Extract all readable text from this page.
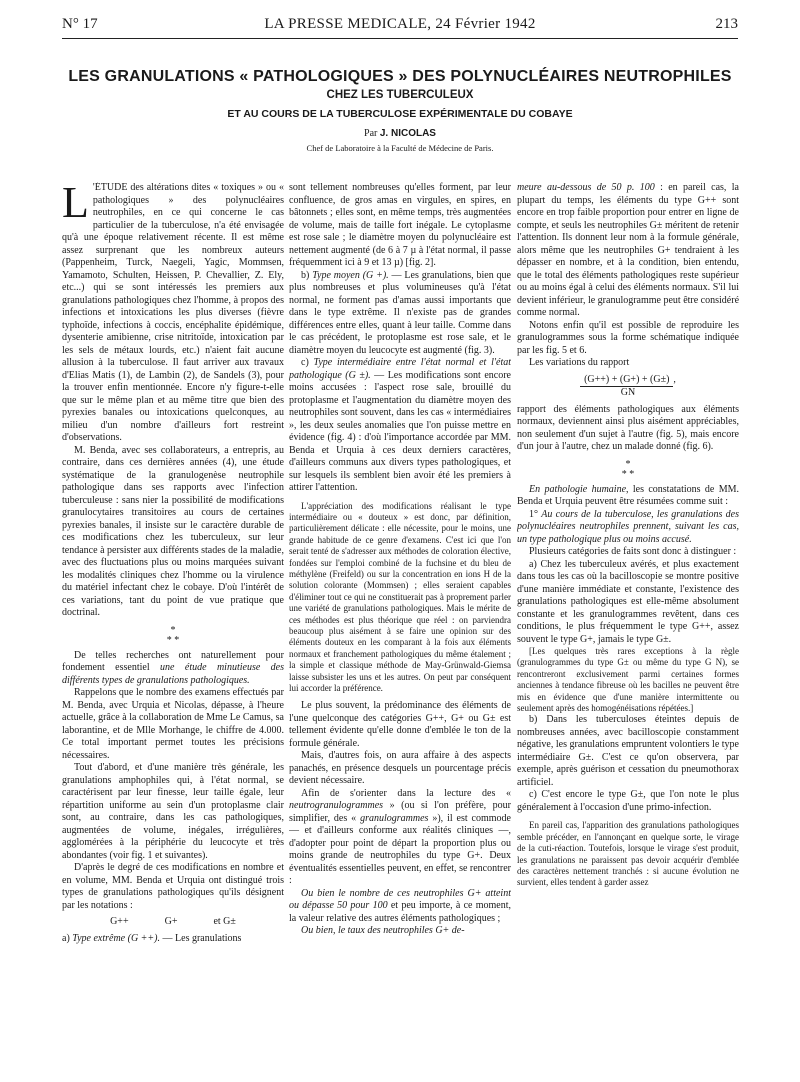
N° 17	LA PRESSE MEDICALE, 24 Février 1942	213
LES GRANULATIONS « PATHOLOGIQUES » DES POLYNUCLÉAIRES NEUTROPHILES
CHEZ LES TUBERCULEUX
ET AU COURS DE LA TUBERCULOSE EXPÉRIMENTALE DU COBAYE
Par J. NICOLAS
Chef de Laboratoire à la Faculté de Médecine de Paris.

L 'ÉTUDE des altérations dites « toxiques » ou « pathologiques » des polynucléaires neutrophiles, en ce qui concerne le cas particulier de la tuberculose, n'a été envisagée qu'à une époque relativement récente. Il est même assez surprenant que les nombreux auteurs (Pappenheim, Turck, Naegeli, Yagic, Mommsen, Yamamoto, Schulten, Heissen, P. Chevallier, Z. Ely, etc...) qui se sont intéressés les premiers aux granulations pathologiques chez l'homme, à propos des infections et intoxications les plus diverses (fièvre typhoïde, infections à coccis, encéphalite épidémique, dysenterie amibienne, crise nitritoïde, intoxication par les sels de métaux lourds, etc.) n'aient fait aucune allusion à la tuberculose. Il faut arriver aux travaux d'Elias Matis (1), de Lambin (2), de Sandels (3), pour la trouver enfin mentionnée. Encore n'y figure-t-elle que sur le même plan et au même titre que bien des pyrexies banales ou intoxications quelconques, au milieu d'un nombre d'ailleurs fort restreint d'observations.

M. Benda, avec ses collaborateurs, a entrepris, au contraire, dans ces dernières années (4), une étude systématique de la granulogenèse neutrophile pathologique dans ses rapports avec l'infection tuberculeuse : sans nier la possibilité de modifications granulocytaires transitoires au cours de certaines pyrexies banales, il insiste sur le caractère durable de ces modifications chez les tuberculeux, sur leur tendance à persister aux différents stades de la maladie, avec des fluctuations plus ou moins marquées suivant les modalités cliniques chez l'homme ou la virulence du matériel infectant chez le cobaye. D'où l'intérêt de ces variations, tant du point de vue pratique que doctrinal.

*
* *

De telles recherches ont naturellement pour fondement essentiel une étude minutieuse des différents types de granulations pathologiques.

Rappelons que le nombre des examens effectués par M. Benda, avec Urquia et Nicolas, dépasse, à l'heure actuelle, grâce à la collaboration de Mme Le Camus, sa laborantine, et de Mlle Morhange, le chiffre de 4.000. Ce total important permet toutes les précisions nécessaires.

Tout d'abord, et d'une manière très générale, les granulations amphophiles qui, à l'état normal, se caractérisent par leur finesse, leur taille égale, leur répartition uniforme au sein d'un protoplasme clair sont, au contraire, dans les cas pathologiques, augmentées de volume, inégales, irrégulières, agglomérées à la périphérie du leucocyte et très abondantes (voir fig. 1 et suivantes).

D'après le degré de ces modifications en nombre et en volume, MM. Benda et Urquia ont distingué trois types de granulations pathologiques qu'ils désignent par les notations :

G++	G+	et G±

a) Type extrême (G ++). — Les granulations

sont tellement nombreuses qu'elles forment, par leur confluence, de gros amas en virgules, en spires, en bâtonnets ; elles sont, en même temps, très augmentées de volume, mais de taille fort inégale. Le cytoplasme est rose sale ; le diamètre moyen du polynucléaire est nettement augmenté (de 6 à 7 µ à l'état normal, il passe fréquemment ici à 9 et 13 µ) [fig. 2].

b) Type moyen (G +). — Les granulations, bien que plus nombreuses et plus volumineuses qu'à l'état normal, ne forment pas d'amas aussi importants que dans le type extrême. Il n'existe pas de grandes différences entre elles, quant à leur taille. Comme dans le cas précédent, le protoplasme est rose sale, et le diamètre moyen du leucocyte est augmenté (fig. 3).

c) Type intermédiaire entre l'état normal et l'état pathologique (G ±). — Les modifications sont encore moins accusées : l'aspect rose sale, brouillé du protoplasme et l'augmentation du diamètre moyen des neutrophiles sont souvent, dans les cas « intermédiaires », les deux seules anomalies que l'on puisse mettre en évidence (fig. 4) : d'où l'importance accordée par MM. Benda et Urquia à ces deux derniers caractères, d'ailleurs communs aux divers types pathologiques, et sur lesquels ils semblent bien avoir été les premiers à attirer l'attention.

L'appréciation des modifications réalisant le type intermédiaire ou « douteux » est donc, par définition, particulièrement délicate : elle nécessite, pour le moins, une grande habitude de ce genre d'examens. C'est ici que l'on serait tenté de s'adresser aux méthodes de coloration élective, fondées sur l'emploi combiné de la fuchsine et du bleu de méthylène (Freifeld) ou sur la concentration en ions H de la solution colorante (Mommsen) ; elles seraient capables d'éliminer tout ce qui ne constituerait pas à proprement parler une variété de granulations pathologiques. Mais le mérite de ces méthodes est plus théorique que réel : on parviendra beaucoup plus aisément à se faire une opinion sur des éléments douteux en les comparant à la fois aux éléments normaux et franchement pathologiques du même étalement ; la simple et classique méthode de May-Grünwald-Giemsa laisse subsister les uns et les autres. On peut par conséquent lui accorder la préférence.

Le plus souvent, la prédominance des éléments de l'une quelconque des catégories G++, G+ ou G± est tellement évidente qu'elle donne d'emblée le ton de la formule générale.

Mais, d'autres fois, on aura affaire à des aspects panachés, en présence desquels un pourcentage précis devient nécessaire.

Afin de s'orienter dans la lecture des « neutrogranulogrammes » (ou si l'on préfère, pour simplifier, des « granulogrammes »), il est commode — et d'ailleurs conforme aux réalités cliniques —, d'adopter pour point de départ la proportion plus ou moins grande de neutrophiles du type G+. Deux éventualités essentielles peuvent, en effet, se rencontrer :

Ou bien le nombre de ces neutrophiles G+ atteint ou dépasse 50 pour 100 et peu importe, à ce moment, la valeur relative des autres éléments pathologiques ;

Ou bien, le taux des neutrophiles G+ de-

meure au-dessous de 50 p. 100 : en pareil cas, la plupart du temps, les éléments du type G++ sont encore en trop faible proportion pour entrer en ligne de compte, et seuls les neutrophiles G± méritent de retenir l'attention. Ils donnent leur nom à la formule générale, alors même que les neutrophiles G+ tendraient à les dépasser en nombre, et à la condition, bien entendu, que le total des éléments pathologiques reste supérieur ou au moins égal à celui des éléments normaux. S'il lui devient inférieur, le granulogramme peut être considéré comme normal.

Notons enfin qu'il est possible de reproduire les granulogrammes sous la forme schématique indiquée par les fig. 5 et 6.

Les variations du rapport

(G++) + (G+) + (G±) ,
GN

rapport des éléments pathologiques aux éléments normaux, deviennent ainsi plus aisément appréciables, non seulement d'un sujet à l'autre (fig. 5), mais encore d'un jour à l'autre, chez un malade donné (fig. 6).

*
* *

En pathologie humaine, les constatations de MM. Benda et Urquia peuvent être résumées comme suit :

1° Au cours de la tuberculose, les granulations des polynucléaires neutrophiles prennent, suivant les cas, un type pathologique plus ou moins accusé.

Plusieurs catégories de faits sont donc à distinguer :

a) Chez les tuberculeux avérés, et plus exactement dans tous les cas où la bacilloscopie se montre positive d'une manière immédiate et constante, l'existence des granulations pathologiques est elle-même absolument constante et les granulogrammes revêtent, dans ces conditions, le plus fréquemment le type G++, assez souvent le type G+, jamais le type G±.

[Les quelques très rares exceptions à la règle (granulogrammes du type G± ou même du type G N), se rencontreront exclusivement parmi certaines formes anciennes à tendance fibreuse où les bacilles ne peuvent être mis en évidence que d'une manière intermittente ou seulement après des homogénéisations répétées.]

b) Dans les tuberculoses éteintes depuis de nombreuses années, avec bacilloscopie constamment négative, les granulations empruntent volontiers le type intermédiaire G±. C'est ce qu'on observera, par exemple, après guérison et cessation du pneumothorax artificiel.

c) C'est encore le type G±, que l'on note le plus généralement à l'occasion d'une primo-infection.

En pareil cas, l'apparition des granulations pathologiques semble précéder, en l'annonçant en quelque sorte, le virage de la cuti-réaction. Toutefois, lorsque le virage s'est produit, les granulations ne paraissent pas devoir acquérir d'emblée des caractères nettement tranchés : si aucune évolution ne survient, elles tendent à garder assez
